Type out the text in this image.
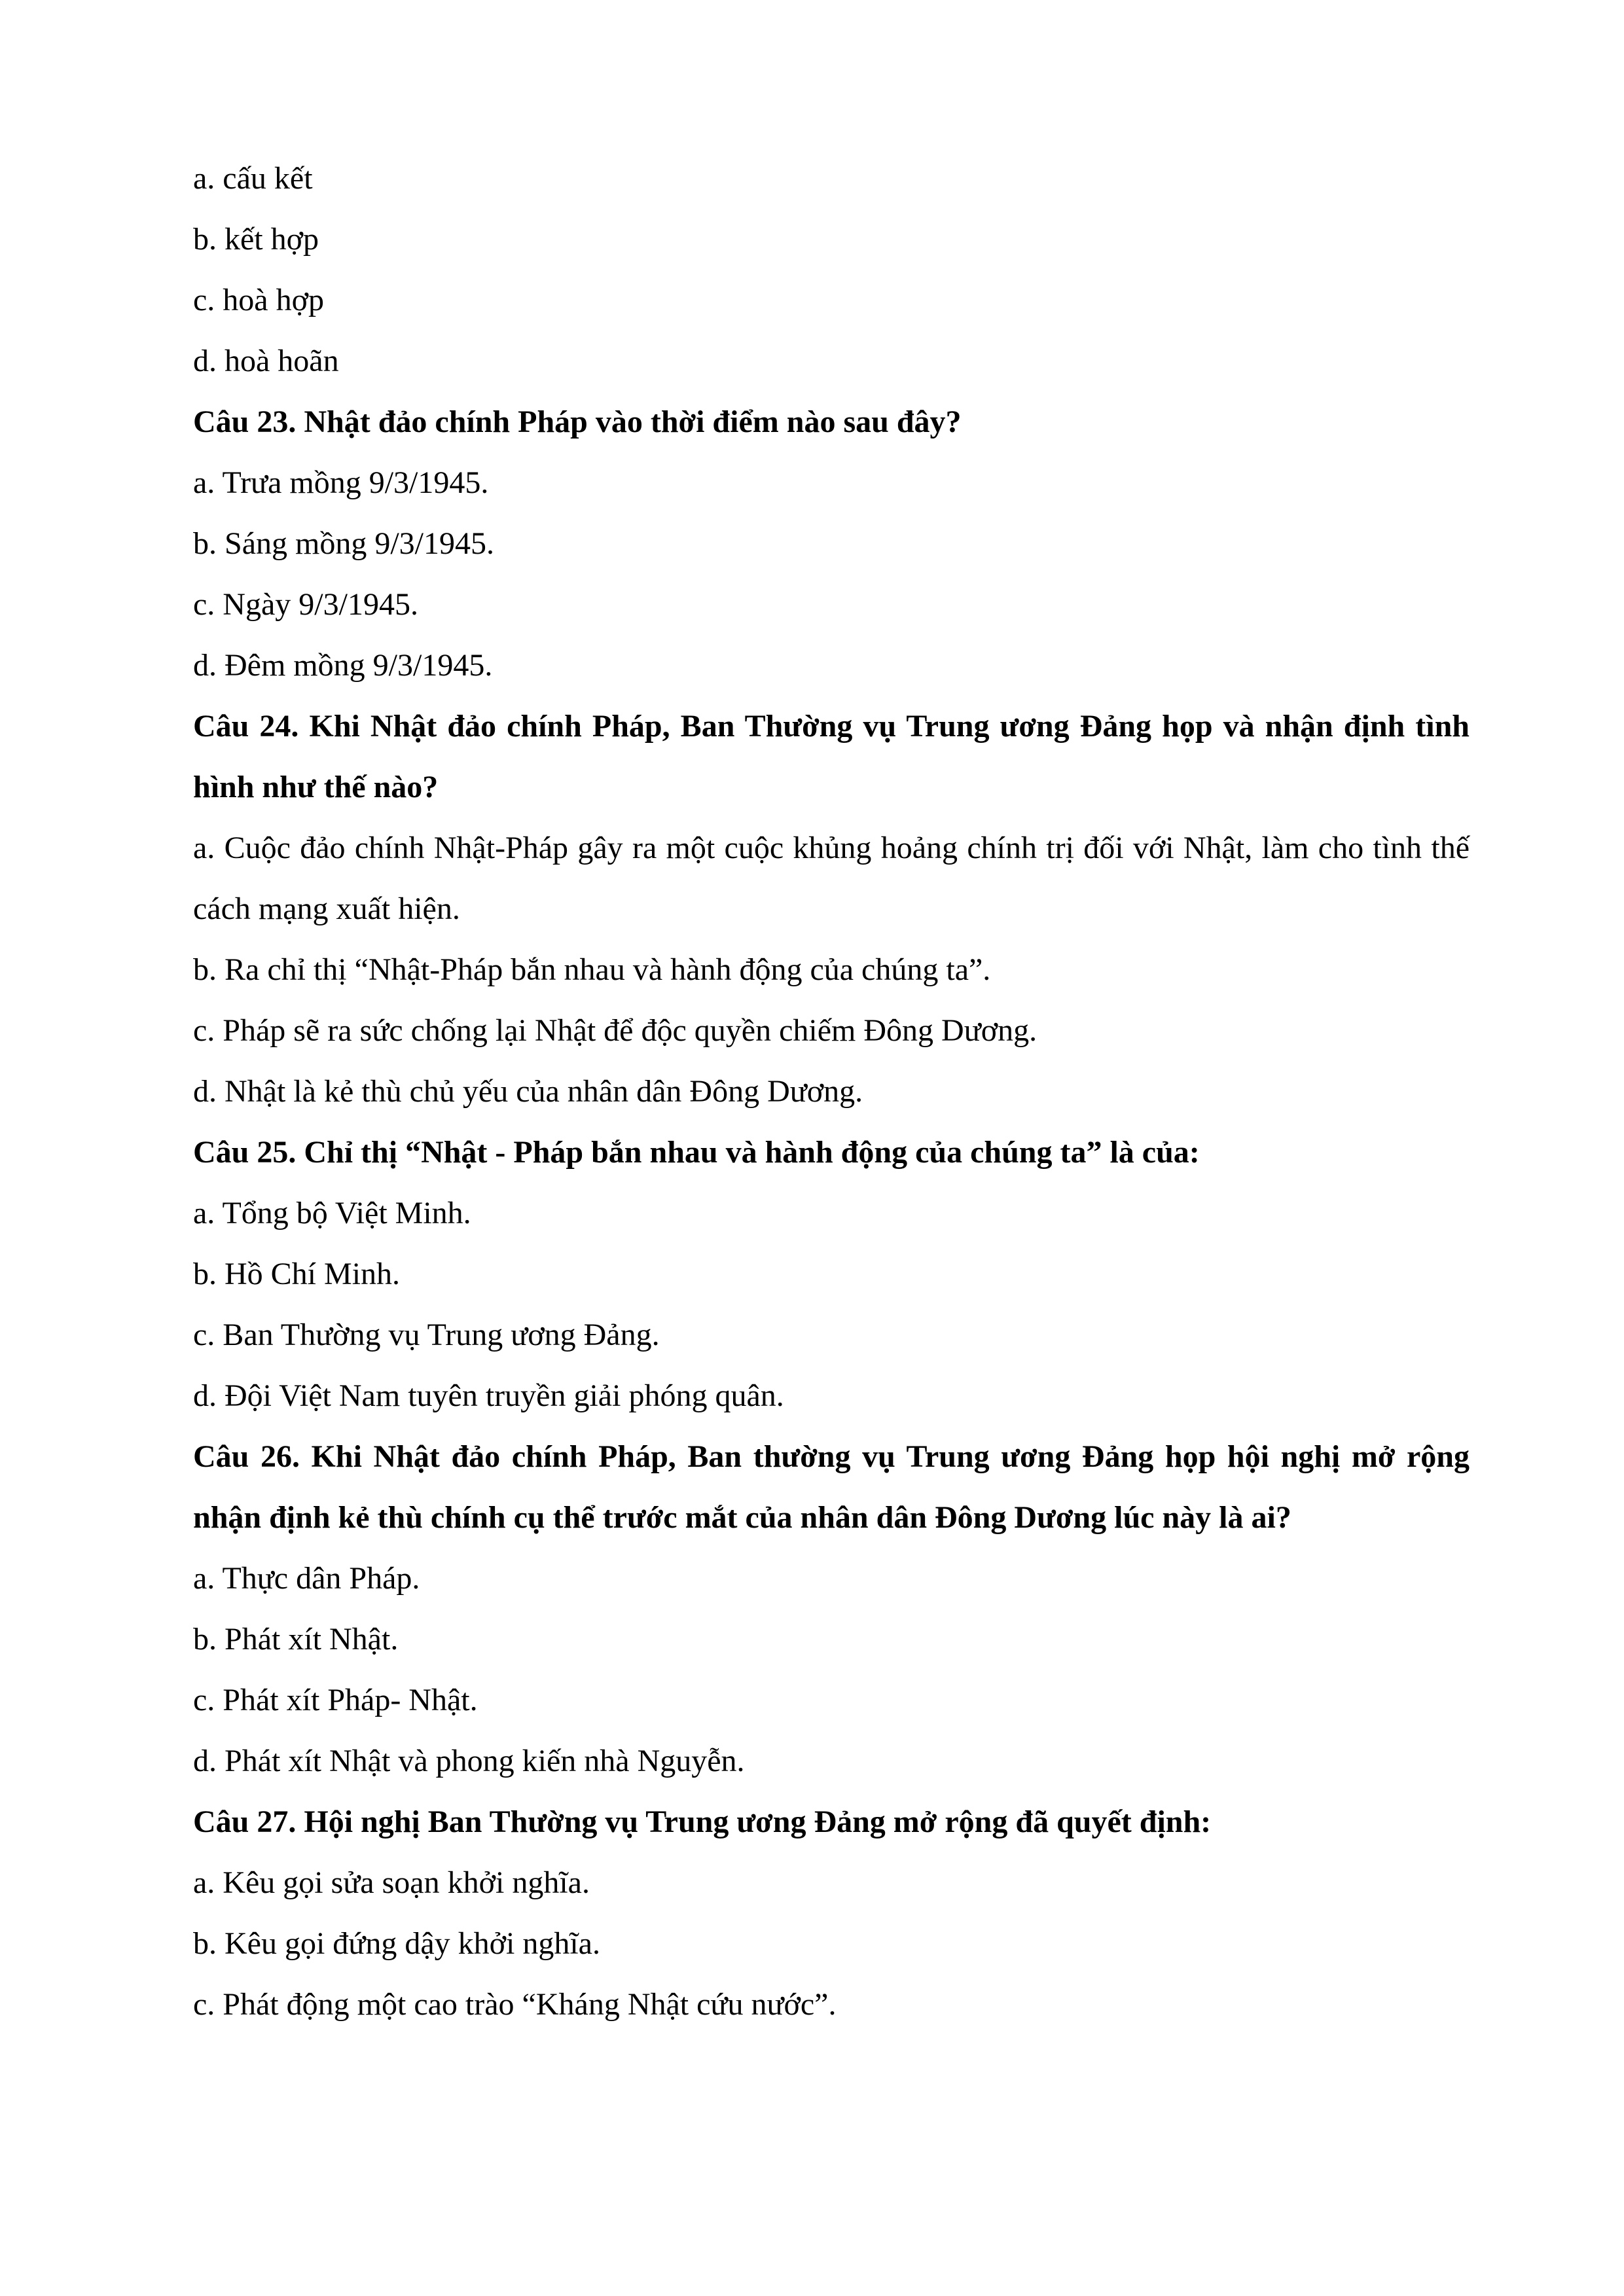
a. cấu kết

b. kết hợp

c. hoà hợp

d. hoà hoãn

Câu 23. Nhật đảo chính Pháp vào thời điểm nào sau đây?

a. Trưa mồng 9/3/1945.

b. Sáng mồng 9/3/1945.

c. Ngày 9/3/1945.

d. Đêm mồng 9/3/1945.

Câu 24. Khi Nhật đảo chính Pháp, Ban Thường vụ Trung ương Đảng họp và nhận định tình hình như thế nào?

a. Cuộc đảo chính Nhật-Pháp gây ra một cuộc khủng hoảng chính trị đối với Nhật, làm cho tình thế cách mạng xuất hiện.

b. Ra chỉ thị “Nhật-Pháp bắn nhau và hành động của chúng ta”.

c. Pháp sẽ ra sức chống lại Nhật để độc quyền chiếm Đông Dương.

d. Nhật là kẻ thù chủ yếu của nhân dân Đông Dương.

Câu 25. Chỉ thị “Nhật - Pháp bắn nhau và hành động của chúng ta” là của:

a. Tổng bộ Việt Minh.

b. Hồ Chí Minh.

c. Ban Thường vụ Trung ương Đảng.

d. Đội Việt Nam tuyên truyền giải phóng quân.

Câu 26. Khi Nhật đảo chính Pháp, Ban thường vụ Trung ương Đảng họp hội nghị mở rộng nhận định kẻ thù chính cụ thể trước mắt của nhân dân Đông Dương lúc này là ai?

a. Thực dân Pháp.

b. Phát xít Nhật.

c. Phát xít Pháp- Nhật.

d. Phát xít Nhật và phong kiến nhà Nguyễn.

Câu 27. Hội nghị Ban Thường vụ Trung ương Đảng mở rộng đã quyết định:

a. Kêu gọi sửa soạn khởi nghĩa.

b. Kêu gọi đứng dậy khởi nghĩa.

c. Phát động một cao trào “Kháng Nhật cứu nước”.
